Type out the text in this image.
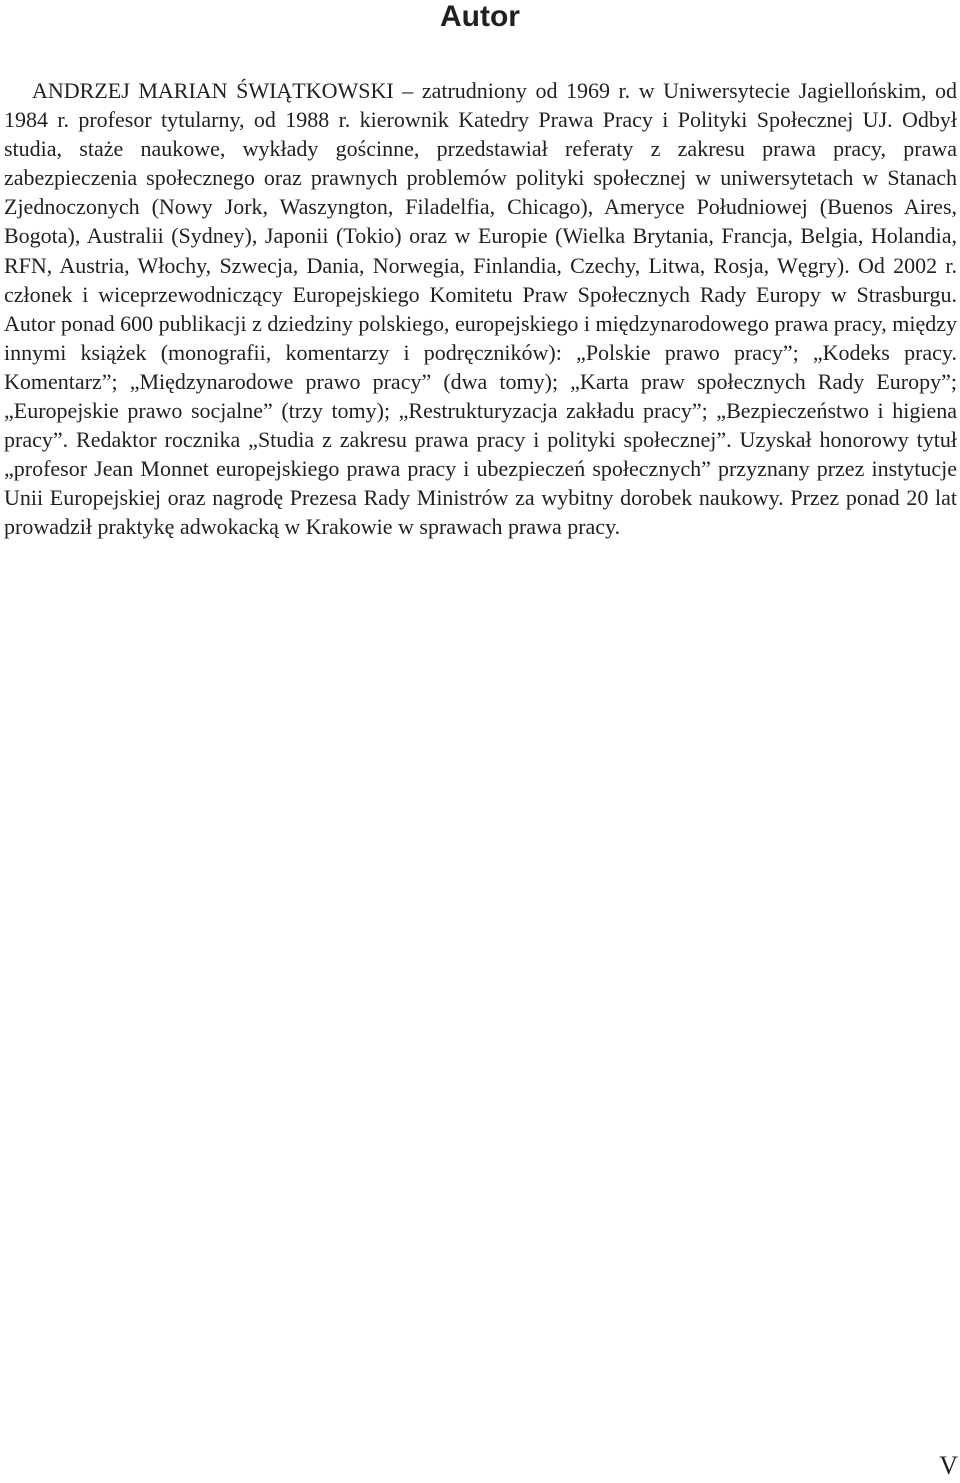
Autor

ANDRZEJ MARIAN ŚWIĄTKOWSKI – zatrudniony od 1969 r. w Uniwersytecie Jagiellońskim, od 1984 r. profesor tytularny, od 1988 r. kierownik Katedry Prawa Pracy i Polityki Społecznej UJ. Odbył studia, staże naukowe, wykłady gościnne, przedstawiał referaty z zakresu prawa pracy, prawa zabezpieczenia społecznego oraz prawnych problemów polityki społecznej w uniwersytetach w Stanach Zjednoczonych (Nowy Jork, Waszyngton, Filadelfia, Chicago), Ameryce Południowej (Buenos Aires, Bogota), Australii (Sydney), Japonii (Tokio) oraz w Europie (Wielka Brytania, Francja, Belgia, Holandia, RFN, Austria, Włochy, Szwecja, Dania, Norwegia, Finlandia, Czechy, Litwa, Rosja, Węgry). Od 2002 r. członek i wiceprzewodniczący Europejskiego Komitetu Praw Społecznych Rady Europy w Strasburgu. Autor ponad 600 publikacji z dziedziny polskiego, europejskiego i międzynarodowego prawa pracy, między innymi książek (monografii, komentarzy i podręczników): „Polskie prawo pracy”; „Kodeks pracy. Komentarz”; „Międzynarodowe prawo pracy” (dwa tomy); „Karta praw społecznych Rady Europy”; „Europejskie prawo socjalne” (trzy tomy); „Restrukturyzacja zakładu pracy”; „Bezpieczeństwo i higiena pracy”. Redaktor rocznika „Studia z zakresu prawa pracy i polityki społecznej”. Uzyskał honorowy tytuł „profesor Jean Monnet europejskiego prawa pracy i ubezpieczeń społecznych” przyznany przez instytucje Unii Europejskiej oraz nagrodę Prezesa Rady Ministrów za wybitny dorobek naukowy. Przez ponad 20 lat prowadził praktykę adwokacką w Krakowie w sprawach prawa pracy.

V
